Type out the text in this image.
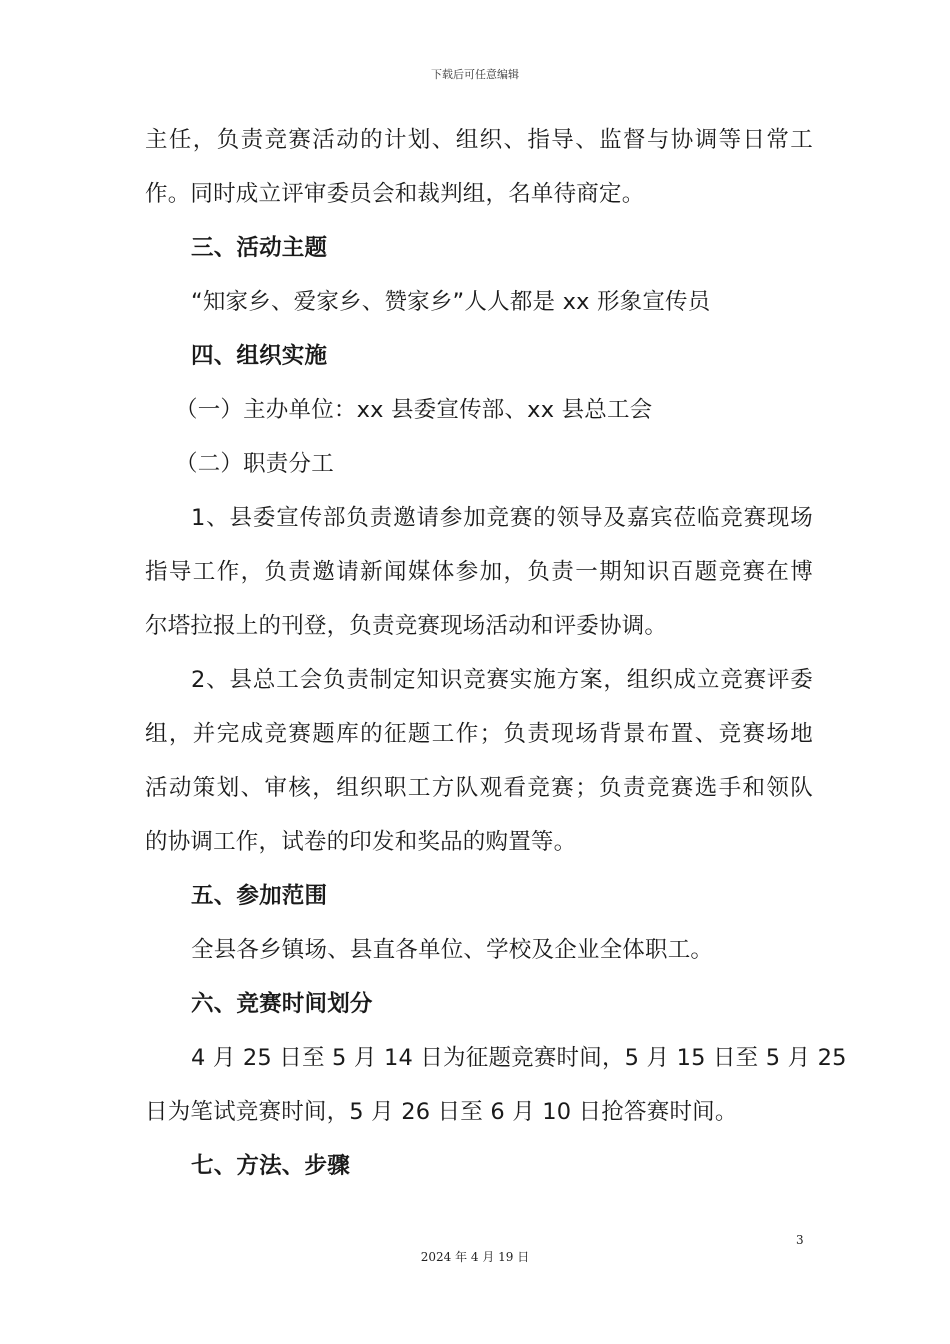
下载后可任意编辑
主任，负责竞赛活动的计划、组织、指导、监督与协调等日常工
作。同时成立评审委员会和裁判组，名单待商定。
三、活动主题
“知家乡、爱家乡、赞家乡”人人都是 xx 形象宣传员
四、组织实施
（一）主办单位：xx 县委宣传部、xx 县总工会
（二）职责分工
1、县委宣传部负责邀请参加竞赛的领导及嘉宾莅临竞赛现场
指导工作，负责邀请新闻媒体参加，负责一期知识百题竞赛在博
尔塔拉报上的刊登，负责竞赛现场活动和评委协调。
2、县总工会负责制定知识竞赛实施方案，组织成立竞赛评委
组，并完成竞赛题库的征题工作；负责现场背景布置、竞赛场地
活动策划、审核，组织职工方队观看竞赛；负责竞赛选手和领队
的协调工作，试卷的印发和奖品的购置等。
五、参加范围
全县各乡镇场、县直各单位、学校及企业全体职工。
六、竞赛时间划分
4 月 25 日至 5 月 14 日为征题竞赛时间，5 月 15 日至 5 月 25
日为笔试竞赛时间，5 月 26 日至 6 月 10 日抢答赛时间。
七、方法、步骤
3
2024 年 4 月 19 日
